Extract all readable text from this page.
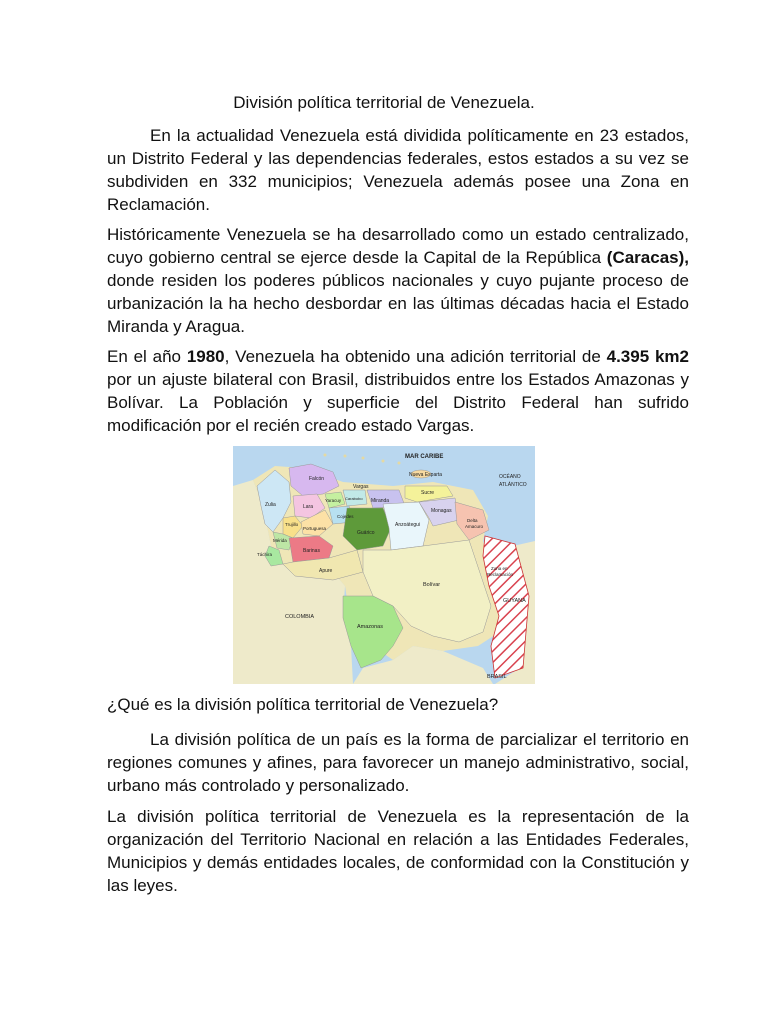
División política territorial de Venezuela.

En la actualidad Venezuela está dividida políticamente en 23 estados, un Distrito Federal y las dependencias federales, estos estados a su vez se subdividen en 332 municipios; Venezuela además posee una Zona en Reclamación.

Históricamente Venezuela se ha desarrollado como un estado centralizado, cuyo gobierno central se ejerce desde la Capital de la República (Caracas), donde residen los poderes públicos nacionales y cuyo pujante proceso de urbanización la ha hecho desbordar en las últimas décadas hacia el Estado Miranda y Aragua.

En el año 1980, Venezuela ha obtenido una adición territorial de 4.395 km2 por un ajuste bilateral con Brasil, distribuidos entre los Estados Amazonas y Bolívar. La Población y superficie del Distrito Federal han sufrido modificación por el recién creado estado Vargas.

MAR CARIBE
OCÉANO
ATLÁNTICO
COLOMBIA
BRASIL
GUYANA
Falcón
Zulia	Lara
Yaracuy Carabobo
Vargas
Miranda
Nueva Esparta
Sucre
Monagas
Anzoátegui
Delta
Amacuro
Trujillo
Portuguesa
Cojedes
Guárico
Mérida
Barinas
Táchira
Apure
Bolívar
Amazonas
Zona en
Reclamación
¿Qué es la división política territorial de Venezuela?

La división política de un país es la forma de parcializar el territorio en regiones comunes y afines, para favorecer un manejo administrativo, social, urbano más controlado y personalizado.

La división política territorial de Venezuela es la representación de la organización del Territorio Nacional en relación a las Entidades Federales, Municipios y demás entidades locales, de conformidad con la Constitución y las leyes.
